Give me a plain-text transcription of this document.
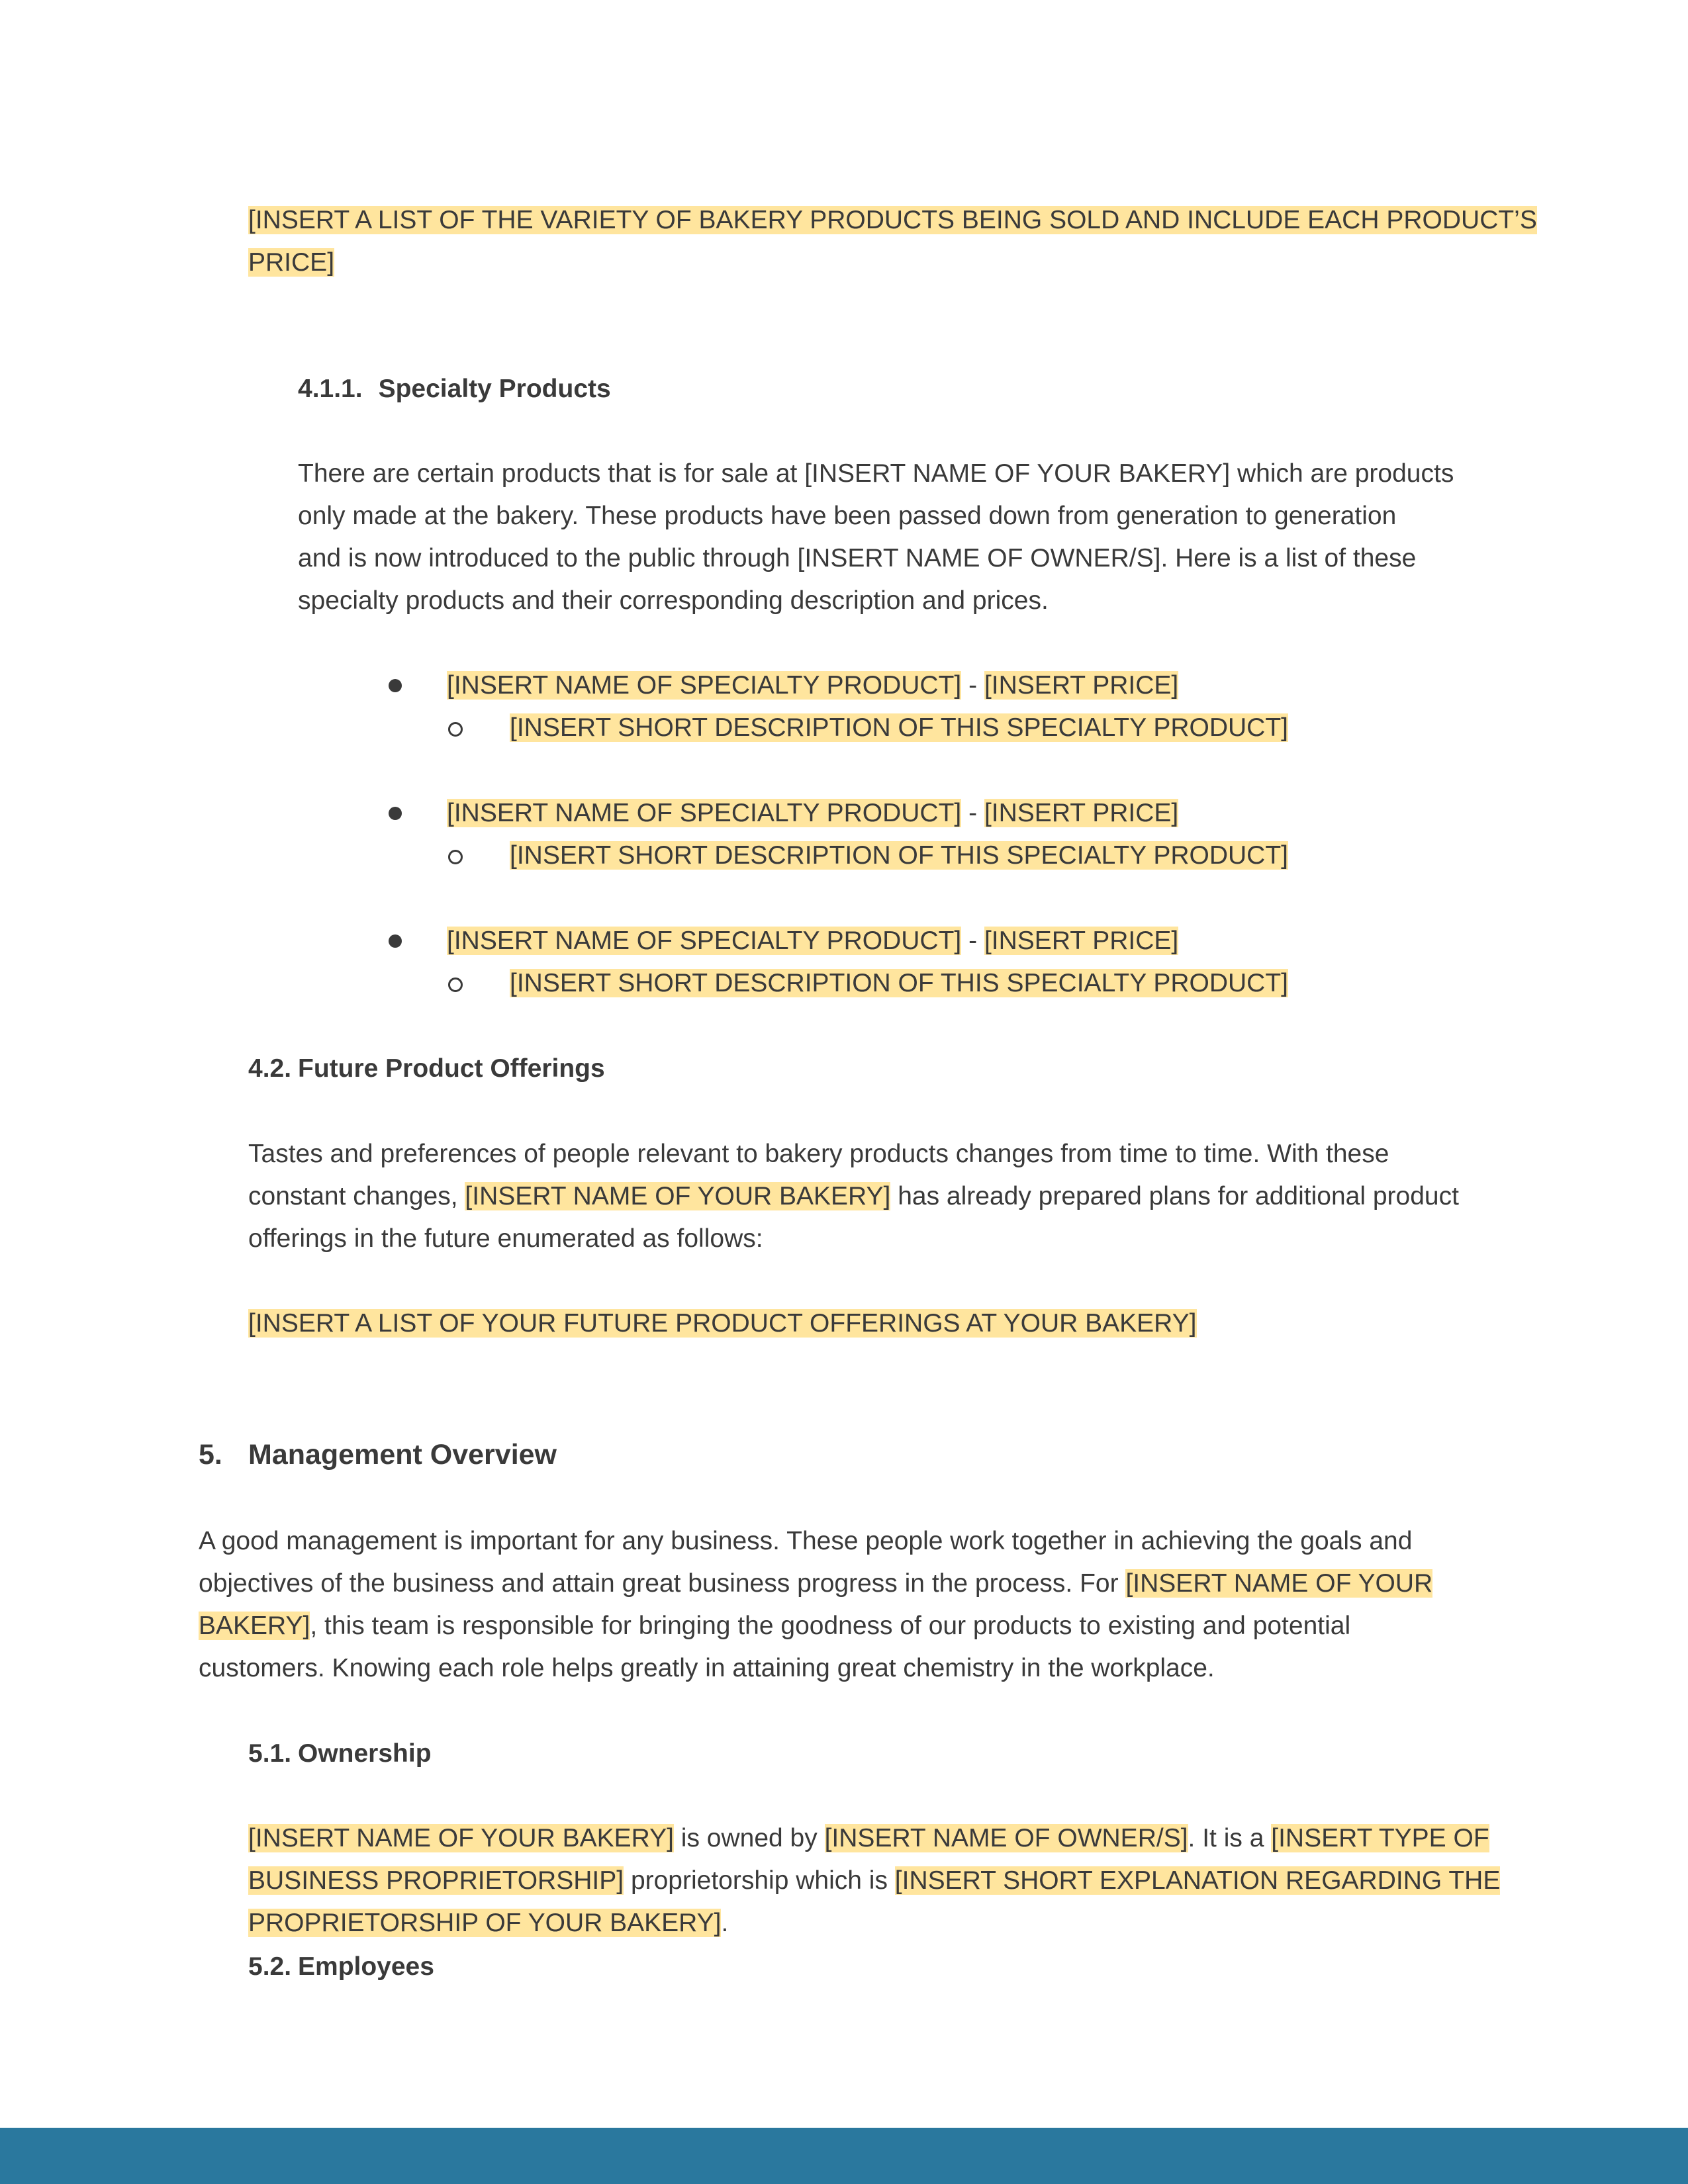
[INSERT A LIST OF THE VARIETY OF BAKERY PRODUCTS BEING SOLD AND INCLUDE EACH PRODUCT’S
PRICE]
4.1.1. Specialty Products
There are certain products that is for sale at [INSERT NAME OF YOUR BAKERY] which are products
only made at the bakery. These products have been passed down from generation to generation
and is now introduced to the public through [INSERT NAME OF OWNER/S]. Here is a list of these
specialty products and their corresponding description and prices.
[INSERT NAME OF SPECIALTY PRODUCT] - [INSERT PRICE]
[INSERT SHORT DESCRIPTION OF THIS SPECIALTY PRODUCT]
[INSERT NAME OF SPECIALTY PRODUCT] - [INSERT PRICE]
[INSERT SHORT DESCRIPTION OF THIS SPECIALTY PRODUCT]
[INSERT NAME OF SPECIALTY PRODUCT] - [INSERT PRICE]
[INSERT SHORT DESCRIPTION OF THIS SPECIALTY PRODUCT]
4.2. Future Product Offerings
Tastes and preferences of people relevant to bakery products changes from time to time. With these
constant changes, [INSERT NAME OF YOUR BAKERY] has already prepared plans for additional product
offerings in the future enumerated as follows:
[INSERT A LIST OF YOUR FUTURE PRODUCT OFFERINGS AT YOUR BAKERY]
5. Management Overview
A good management is important for any business. These people work together in achieving the goals and
objectives of the business and attain great business progress in the process. For [INSERT NAME OF YOUR
BAKERY], this team is responsible for bringing the goodness of our products to existing and potential
customers. Knowing each role helps greatly in attaining great chemistry in the workplace.
5.1. Ownership
[INSERT NAME OF YOUR BAKERY] is owned by [INSERT NAME OF OWNER/S]. It is a [INSERT TYPE OF
BUSINESS PROPRIETORSHIP] proprietorship which is [INSERT SHORT EXPLANATION REGARDING THE
PROPRIETORSHIP OF YOUR BAKERY].
5.2. Employees
